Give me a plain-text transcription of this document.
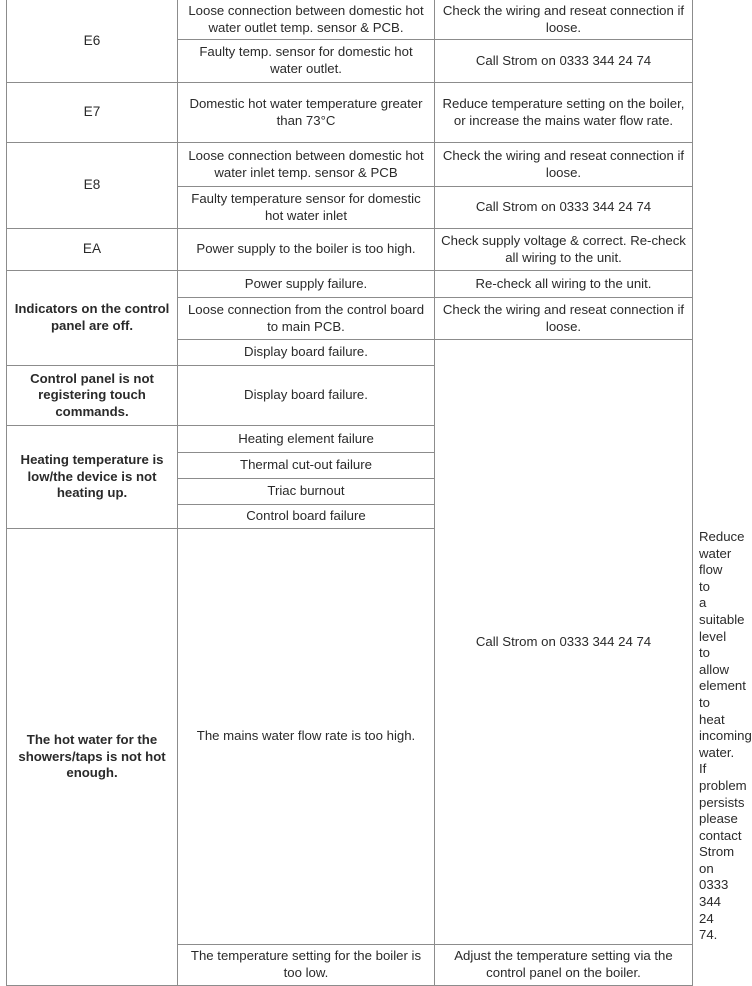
E6	Loose connection between domestic hot water outlet temp. sensor & PCB.	Check the wiring and reseat connection if loose.	
	Faulty temp. sensor for domestic hot water outlet.	Call Strom on 0333 344 24 74	
E7	Domestic hot water temperature greater than 73°C	Reduce temperature setting on the boiler, or increase the mains water flow rate.	
E8	Loose connection between domestic hot water inlet temp. sensor & PCB	Check the wiring and reseat connection if loose.	
	Faulty temperature sensor for domestic hot water inlet	Call Strom on 0333 344 24 74	
EA	Power supply to the boiler is too high.	Check supply voltage & correct. Re-check all wiring to the unit.	
Indicators on the control panel are off.	Power supply failure.	Re-check all wiring to the unit.	
	Loose connection from the control board to main PCB.	Check the wiring and reseat connection if loose.	
	Display board failure.	Call Strom on 0333 344 24 74	
Control panel is not registering touch commands.	Display board failure.		
Heating temperature is low/the device is not heating up.	Heating element failure		
	Thermal cut-out failure		
	Triac burnout		
	Control board failure		
The hot water for the showers/taps is not hot enough.	The mains water flow rate is too high.		Reduce water flow to a suitable level to allow element to heat incoming water. If problem persists please contact Strom on 0333 344 24 74.
	The temperature setting for the boiler is too low.	Adjust the temperature setting via the control panel on the boiler.	
